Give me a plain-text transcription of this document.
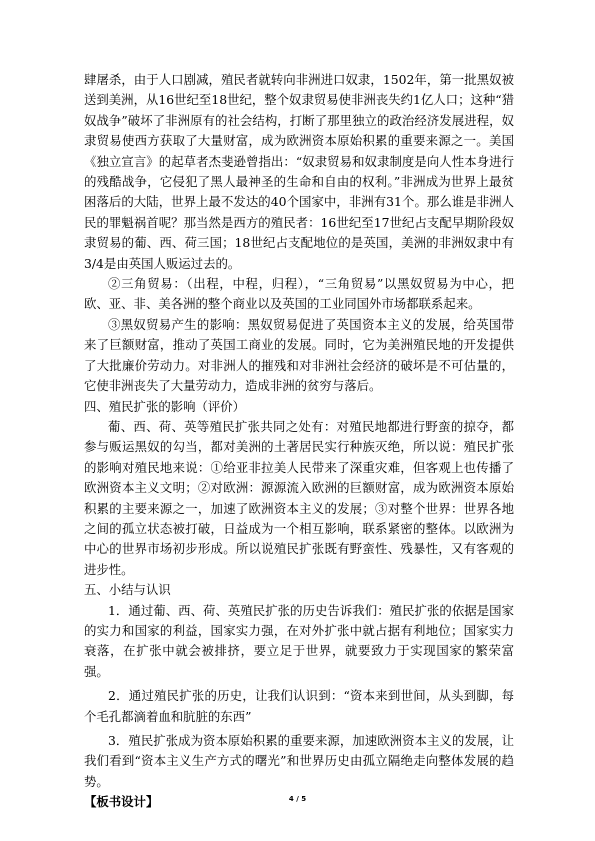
肆屠杀，由于人口剧减，殖民者就转向非洲进口奴隶，1502年，第一批黑奴被送到美洲，从16世纪至18世纪，整个奴隶贸易使非洲丧失约1亿人口；这种“猎奴战争”破坏了非洲原有的社会结构，打断了那里独立的政治经济发展进程，奴隶贸易使西方获取了大量财富，成为欧洲资本原始积累的重要来源之一。美国《独立宣言》的起草者杰斐逊曾指出：“奴隶贸易和奴隶制度是向人性本身进行的残酷战争，它侵犯了黑人最神圣的生命和自由的权利。”非洲成为世界上最贫困落后的大陆，世界上最不发达的40个国家中，非洲有31个。那么谁是非洲人民的罪魁祸首呢？那当然是西方的殖民者：16世纪至17世纪占支配早期阶段奴隶贸易的葡、西、荷三国；18世纪占支配地位的是英国，美洲的非洲奴隶中有3/4是由英国人贩运过去的。

②三角贸易：（出程，中程，归程），“三角贸易”以黑奴贸易为中心，把欧、亚、非、美各洲的整个商业以及英国的工业同国外市场都联系起来。

③黑奴贸易产生的影响：黑奴贸易促进了英国资本主义的发展，给英国带来了巨额财富，推动了英国工商业的发展。同时，它为美洲殖民地的开发提供了大批廉价劳动力。对非洲人的摧残和对非洲社会经济的破坏是不可估量的，它使非洲丧失了大量劳动力，造成非洲的贫穷与落后。

四、殖民扩张的影响（评价）

葡、西、荷、英等殖民扩张共同之处有：对殖民地都进行野蛮的掠夺，都参与贩运黑奴的勾当，都对美洲的土著居民实行种族灭绝，所以说：殖民扩张的影响对殖民地来说：①给亚非拉美人民带来了深重灾难，但客观上也传播了欧洲资本主义文明；②对欧洲：源源流入欧洲的巨额财富，成为欧洲资本原始积累的主要来源之一，加速了欧洲资本主义的发展；③对整个世界：世界各地之间的孤立状态被打破，日益成为一个相互影响，联系紧密的整体。以欧洲为中心的世界市场初步形成。所以说殖民扩张既有野蛮性、残暴性，又有客观的进步性。

五、小结与认识

1．通过葡、西、荷、英殖民扩张的历史告诉我们：殖民扩张的依据是国家的实力和国家的利益，国家实力强，在对外扩张中就占据有利地位；国家实力衰落，在扩张中就会被排挤，要立足于世界，就要致力于实现国家的繁荣富强。

2．通过殖民扩张的历史，让我们认识到：“资本来到世间，从头到脚，每个毛孔都滴着血和肮脏的东西”

3．殖民扩张成为资本原始积累的重要来源，加速欧洲资本主义的发展，让我们看到“资本主义生产方式的曙光”和世界历史由孤立隔绝走向整体发展的趋势。

【板书设计】	4 / 5
